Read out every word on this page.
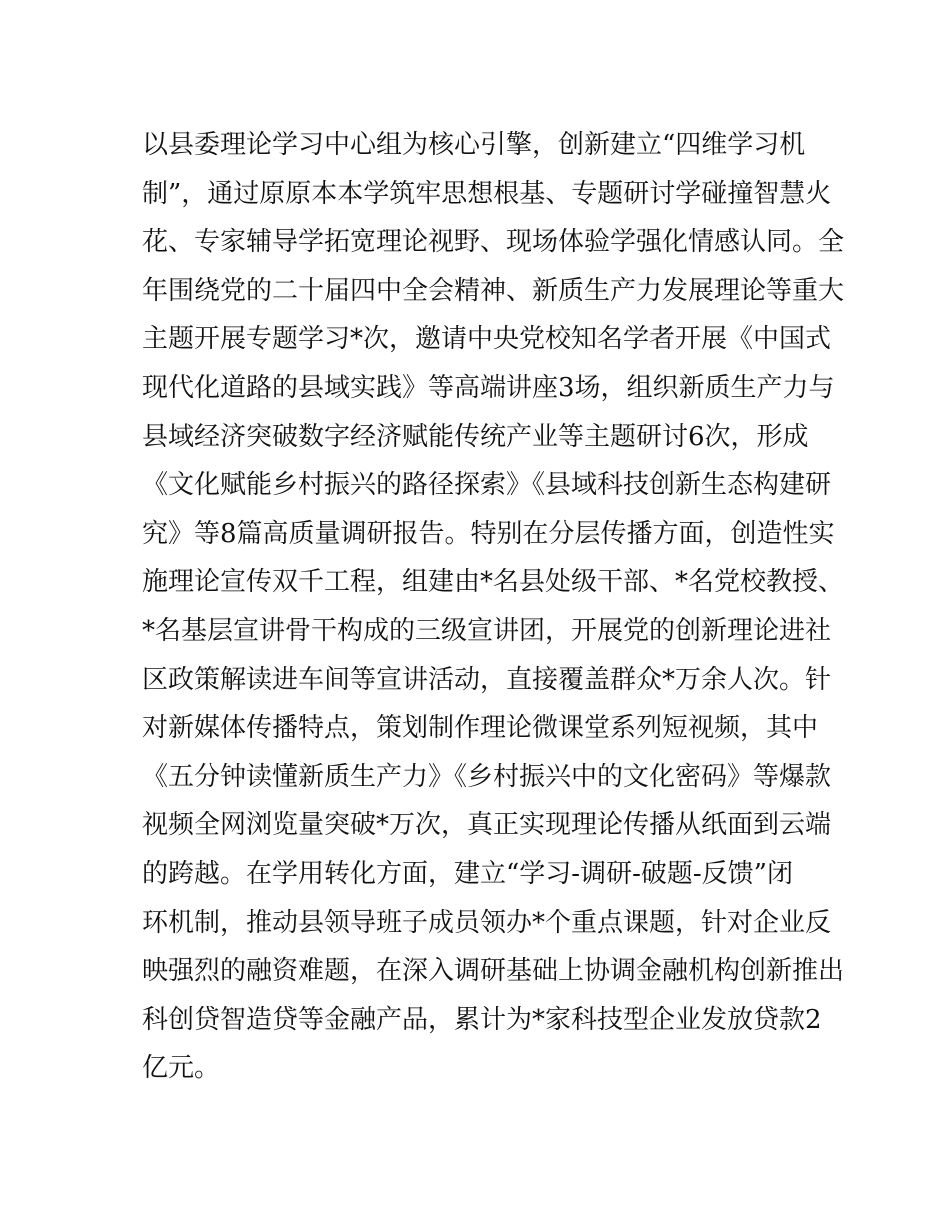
以县委理论学习中心组为核心引擎，创新建立“四维学习机
制”，通过原原本本学筑牢思想根基、专题研讨学碰撞智慧火
花、专家辅导学拓宽理论视野、现场体验学强化情感认同。全
年围绕党的二十届四中全会精神、新质生产力发展理论等重大
主题开展专题学习*次，邀请中央党校知名学者开展《中国式
现代化道路的县域实践》等高端讲座3场，组织新质生产力与
县域经济突破数字经济赋能传统产业等主题研讨6次，形成
《文化赋能乡村振兴的路径探索》《县域科技创新生态构建研
究》等8篇高质量调研报告。特别在分层传播方面，创造性实
施理论宣传双千工程，组建由*名县处级干部、*名党校教授、
*名基层宣讲骨干构成的三级宣讲团，开展党的创新理论进社
区政策解读进车间等宣讲活动，直接覆盖群众*万余人次。针
对新媒体传播特点，策划制作理论微课堂系列短视频，其中
《五分钟读懂新质生产力》《乡村振兴中的文化密码》等爆款
视频全网浏览量突破*万次，真正实现理论传播从纸面到云端
的跨越。在学用转化方面，建立“学习-调研-破题-反馈”闭
环机制，推动县领导班子成员领办*个重点课题，针对企业反
映强烈的融资难题，在深入调研基础上协调金融机构创新推出
科创贷智造贷等金融产品，累计为*家科技型企业发放贷款2
亿元。
